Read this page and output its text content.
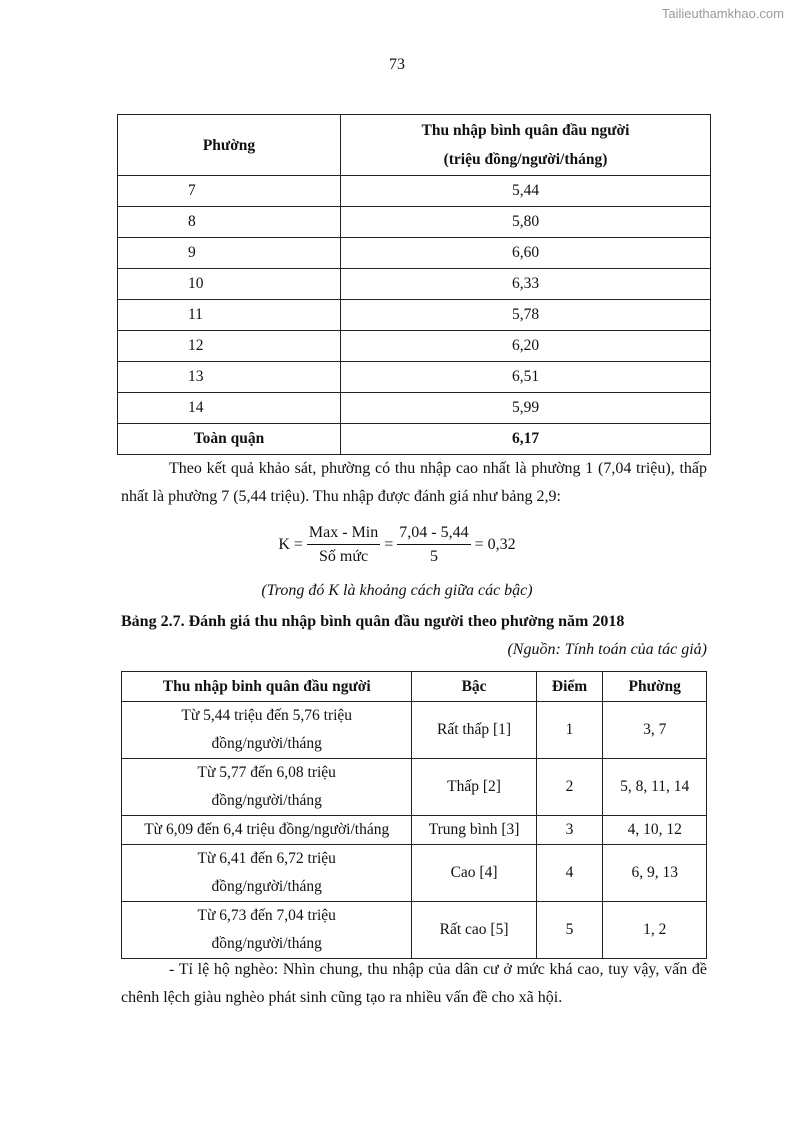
Tailieuthamkhao.com
73
Phường	Thu nhập bình quân đầu người
(triệu đồng/người/tháng)

7	5,44
8	5,80
9	6,60
10	6,33
11	5,78
12	6,20
13	6,51
14	5,99
Toàn quận	6,17

Theo kết quả khảo sát, phường có thu nhập cao nhất là phường 1 (7,04 triệu), thấp nhất là phường 7 (5,44 triệu). Thu nhập được đánh giá như bảng 2,9:

$K = \frac{\text{Max - Min}}{\text{Số mức}} = \frac{7,04 - 5,44}{5} = 0,32$
(Trong đó K là khoảng cách giữa các bậc)
Bảng 2.7. Đánh giá thu nhập bình quân đầu người theo phường năm 2018
(Nguồn: Tính toán của tác giả)
Thu nhập binh quân đầu người	Bậc	Điểm	Phường

Từ 5,44 triệu đến 5,76 triệu
đồng/người/tháng	Rất thấp [1]	1	3, 7

Từ 5,77 đến 6,08 triệu
đồng/người/tháng	Thấp [2]	2	5, 8, 11, 14
Từ 6,09 đến 6,4 triệu đồng/người/tháng	Trung bình [3]	3	4, 10, 12

Từ 6,41 đến 6,72 triệu
đồng/người/tháng	Cao [4]	4	6, 9, 13

Từ 6,73 đến 7,04 triệu
đồng/người/tháng	Rất cao [5]	5	1, 2

- Tỉ lệ hộ nghèo: Nhìn chung, thu nhập của dân cư ở mức khá cao, tuy vậy, vấn đề chênh lệch giàu nghèo phát sinh cũng tạo ra nhiều vấn đề cho xã hội.
